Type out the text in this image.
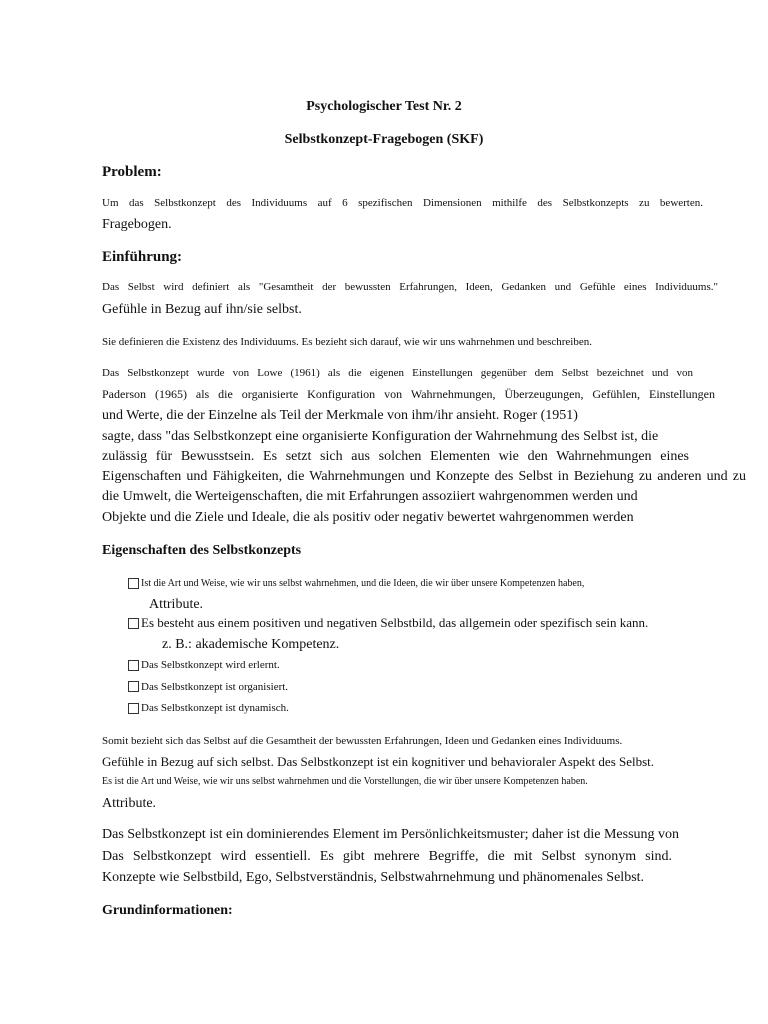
Psychologischer Test Nr. 2
Selbstkonzept-Fragebogen (SKF)
Problem:
Um das Selbstkonzept des Individuums auf 6 spezifischen Dimensionen mithilfe des Selbstkonzepts zu bewerten.
Fragebogen.
Einführung:
Das Selbst wird definiert als "Gesamtheit der bewussten Erfahrungen, Ideen, Gedanken und Gefühle eines Individuums."
Gefühle in Bezug auf ihn/sie selbst.
Sie definieren die Existenz des Individuums. Es bezieht sich darauf, wie wir uns wahrnehmen und beschreiben.
Das Selbstkonzept wurde von Lowe (1961) als die eigenen Einstellungen gegenüber dem Selbst bezeichnet und von
Paderson (1965) als die organisierte Konfiguration von Wahrnehmungen, Überzeugungen, Gefühlen, Einstellungen
und Werte, die der Einzelne als Teil der Merkmale von ihm/ihr ansieht. Roger (1951)
sagte, dass "das Selbstkonzept eine organisierte Konfiguration der Wahrnehmung des Selbst ist, die
zulässig für Bewusstsein. Es setzt sich aus solchen Elementen wie den Wahrnehmungen eines
Eigenschaften und Fähigkeiten, die Wahrnehmungen und Konzepte des Selbst in Beziehung zu anderen und zu
die Umwelt, die Werteigenschaften, die mit Erfahrungen assoziiert wahrgenommen werden und
Objekte und die Ziele und Ideale, die als positiv oder negativ bewertet wahrgenommen werden
Eigenschaften des Selbstkonzepts
Ist die Art und Weise, wie wir uns selbst wahrnehmen, und die Ideen, die wir über unsere Kompetenzen haben,
Attribute.
Es besteht aus einem positiven und negativen Selbstbild, das allgemein oder spezifisch sein kann.
z. B.: akademische Kompetenz.
Das Selbstkonzept wird erlernt.
Das Selbstkonzept ist organisiert.
Das Selbstkonzept ist dynamisch.
Somit bezieht sich das Selbst auf die Gesamtheit der bewussten Erfahrungen, Ideen und Gedanken eines Individuums.
Gefühle in Bezug auf sich selbst. Das Selbstkonzept ist ein kognitiver und behavioraler Aspekt des Selbst.
Es ist die Art und Weise, wie wir uns selbst wahrnehmen und die Vorstellungen, die wir über unsere Kompetenzen haben.
Attribute.
Das Selbstkonzept ist ein dominierendes Element im Persönlichkeitsmuster; daher ist die Messung von
Das Selbstkonzept wird essentiell. Es gibt mehrere Begriffe, die mit Selbst synonym sind.
Konzepte wie Selbstbild, Ego, Selbstverständnis, Selbstwahrnehmung und phänomenales Selbst.
Grundinformationen:
